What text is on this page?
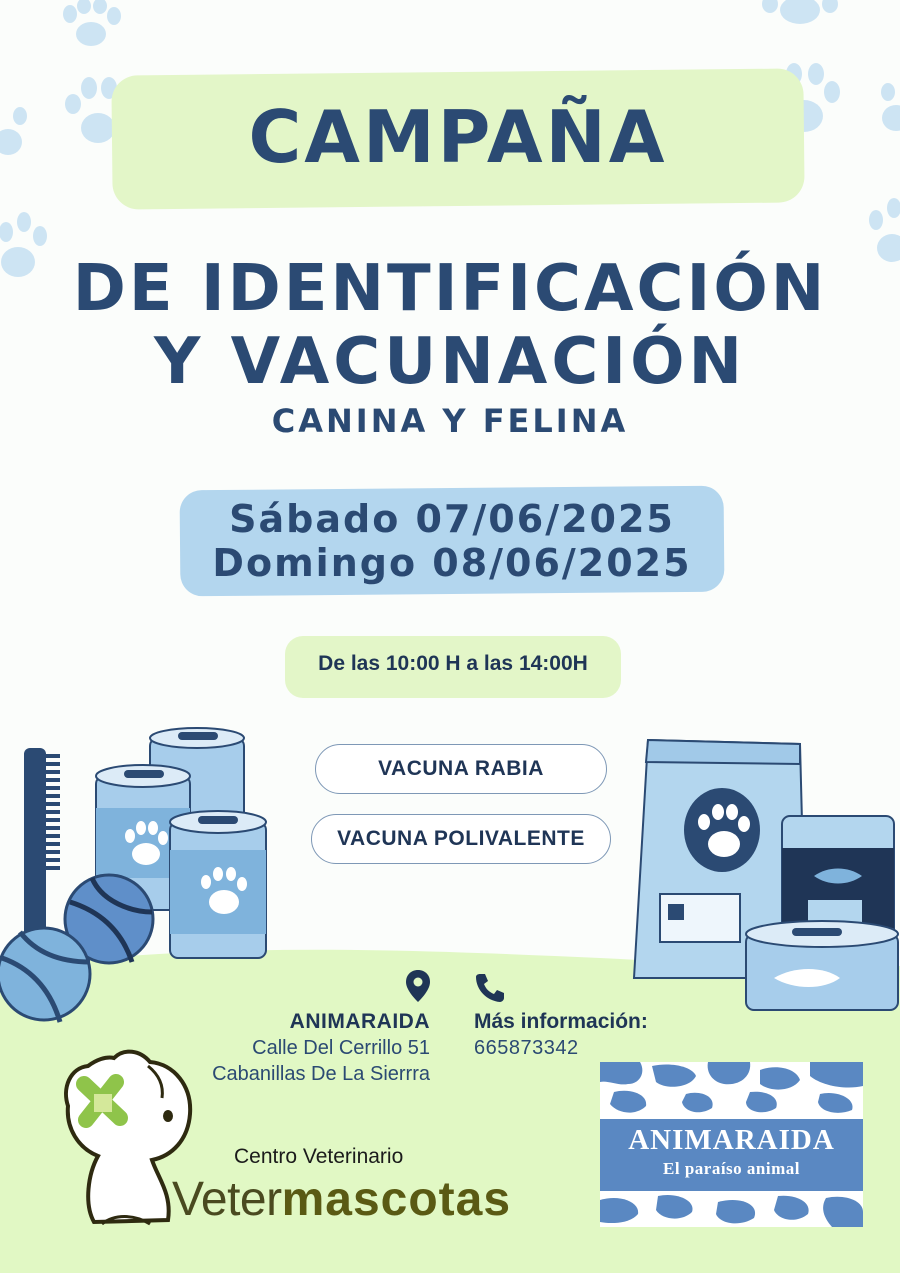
CAMPAÑA
DE IDENTIFICACIÓN
Y VACUNACIÓN
CANINA Y FELINA
Sábado 07/06/2025
Domingo 08/06/2025
De las 10:00 H a las 14:00H
VACUNA RABIA
VACUNA POLIVALENTE
ANIMARAIDA
Calle Del Cerrillo 51
Cabanillas De La Sierrra
Más información:
665873342
Centro Veterinario
Vetermascotas
ANIMARAIDA
El paraíso animal
